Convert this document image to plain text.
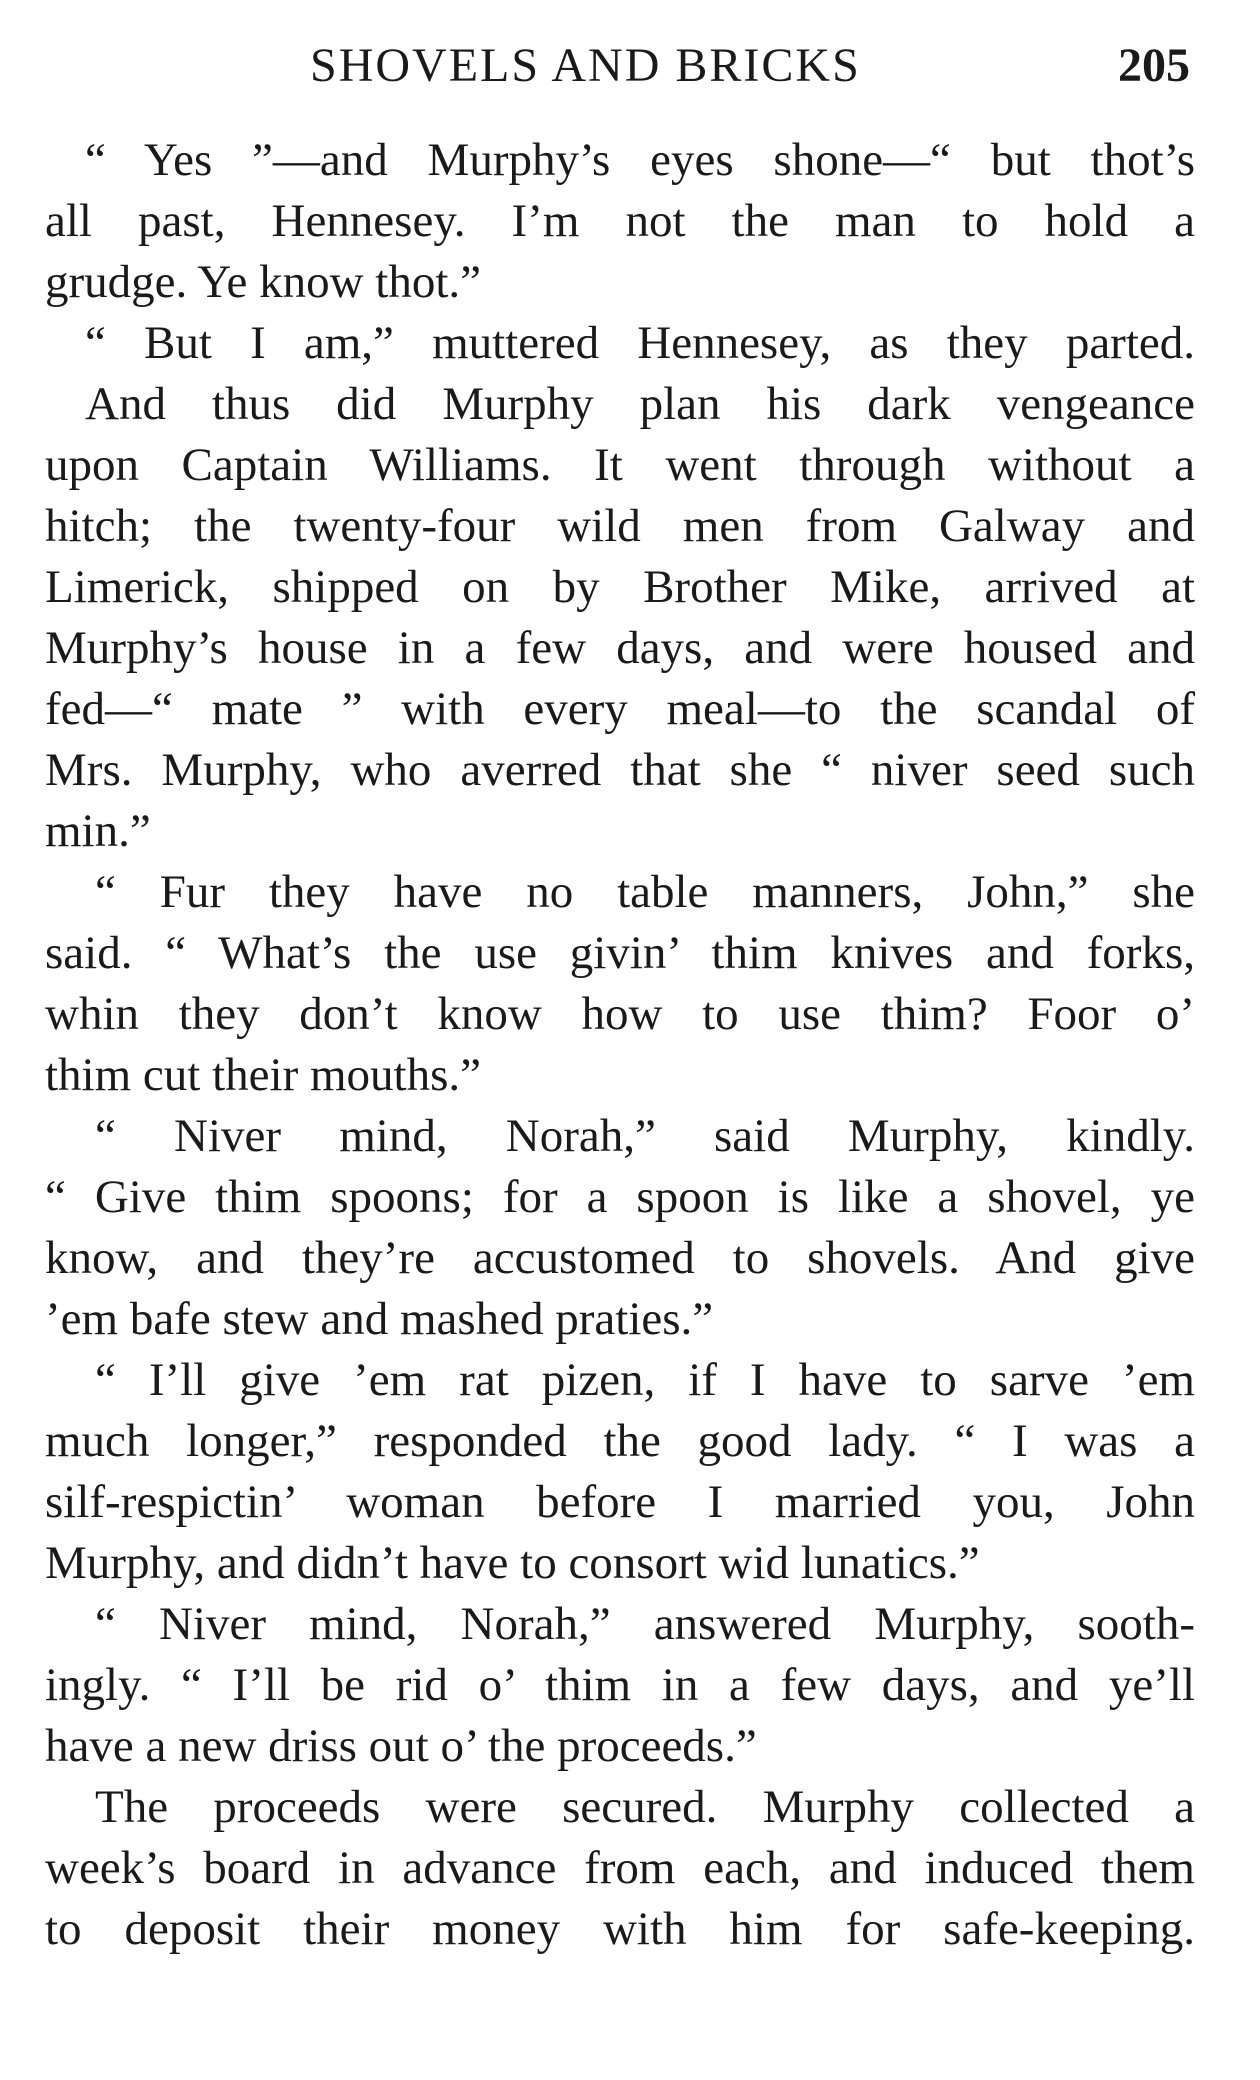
SHOVELS AND BRICKS	205
“ Yes ”—and Murphy’s eyes shone—“ but thot’s
all past, Hennesey. I’m not the man to hold a
grudge. Ye know thot.”
“ But I am,” muttered Hennesey, as they parted.
And thus did Murphy plan his dark vengeance
upon Captain Williams. It went through without a
hitch; the twenty-four wild men from Galway and
Limerick, shipped on by Brother Mike, arrived at
Murphy’s house in a few days, and were housed and
fed—“ mate ” with every meal—to the scandal of
Mrs. Murphy, who averred that she “ niver seed such
min.”
“ Fur they have no table manners, John,” she
said. “ What’s the use givin’ thim knives and forks,
whin they don’t know how to use thim? Foor o’
thim cut their mouths.”
“ Niver mind, Norah,” said Murphy, kindly.
“ Give thim spoons; for a spoon is like a shovel, ye
know, and they’re accustomed to shovels. And give
’em bafe stew and mashed praties.”
“ I’ll give ’em rat pizen, if I have to sarve ’em
much longer,” responded the good lady. “ I was a
silf-respictin’ woman before I married you, John
Murphy, and didn’t have to consort wid lunatics.”
“ Niver mind, Norah,” answered Murphy, sooth-
ingly. “ I’ll be rid o’ thim in a few days, and ye’ll
have a new driss out o’ the proceeds.”
The proceeds were secured. Murphy collected a
week’s board in advance from each, and induced them
to deposit their money with him for safe-keeping.
